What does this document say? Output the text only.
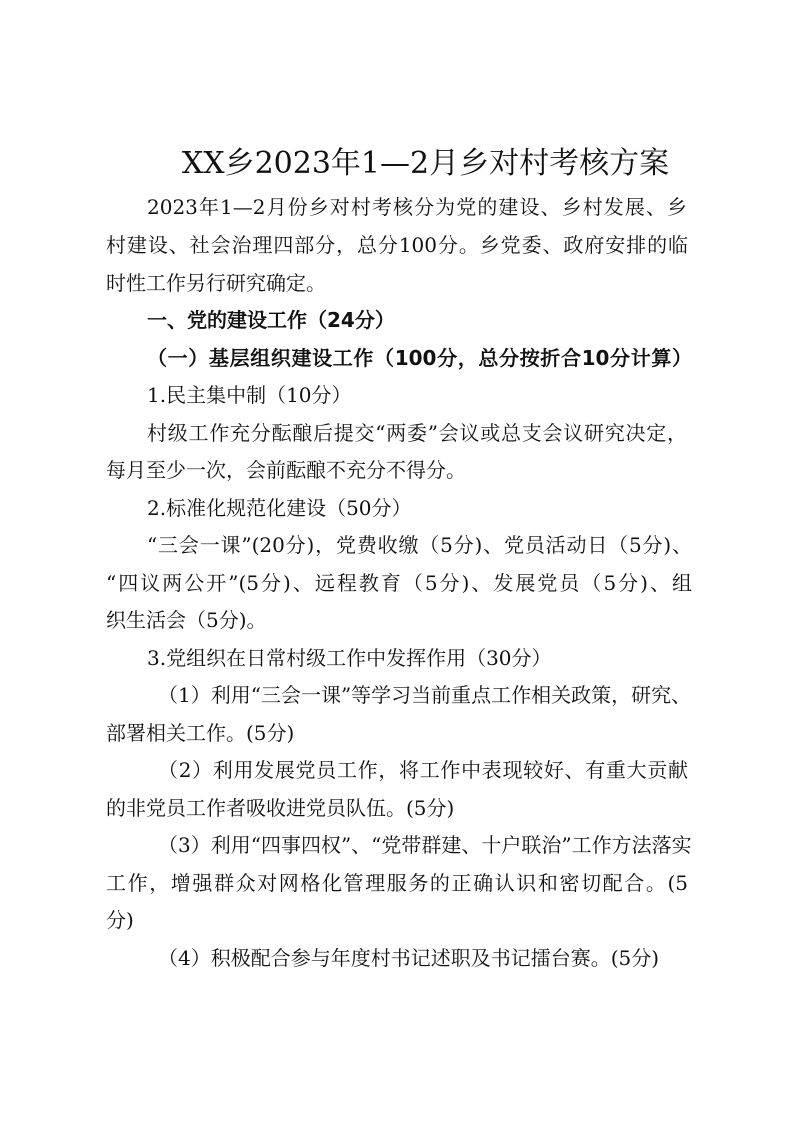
XX乡2023年1—2月乡对村考核方案
2023年1—2月份乡对村考核分为党的建设、乡村发展、乡
村建设、社会治理四部分，总分100分。乡党委、政府安排的临
时性工作另行研究确定。
一、党的建设工作（24分）
（一）基层组织建设工作（100分，总分按折合10分计算）
1.民主集中制（10分）
村级工作充分酝酿后提交“两委”会议或总支会议研究决定，
每月至少一次，会前酝酿不充分不得分。
2.标准化规范化建设（50分）
“三会一课”(20分)，党费收缴（5分)、党员活动日（5分)、
“四议两公开”(5分)、远程教育（5分)、发展党员（5分)、组
织生活会（5分)。
3.党组织在日常村级工作中发挥作用（30分）
（1）利用“三会一课”等学习当前重点工作相关政策，研究、
部署相关工作。(5分)
（2）利用发展党员工作，将工作中表现较好、有重大贡献
的非党员工作者吸收进党员队伍。(5分)
（3）利用“四事四权”、“党带群建、十户联治”工作方法落实
工作，增强群众对网格化管理服务的正确认识和密切配合。(5
分)
（4）积极配合参与年度村书记述职及书记擂台赛。(5分)
